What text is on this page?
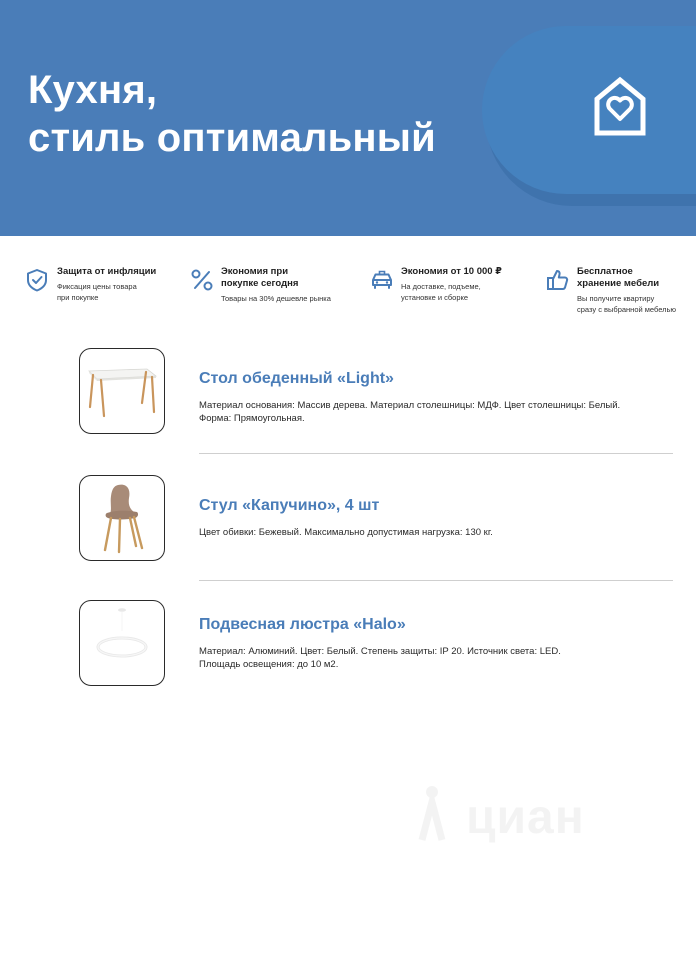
Кухня,
стиль оптимальный
Защита от инфляции
Фиксация цены товара
при покупке
Экономия при
покупке сегодня
Товары на 30% дешевле рынка
Экономия от 10 000 ₽
На доставке, подъеме,
установке и сборке
Бесплатное
хранение мебели
Вы получите квартиру
сразу с выбранной мебелью
Стол обеденный «Light»
Материал основания: Массив дерева. Материал столешницы: МДФ. Цвет столешницы: Белый.
Форма: Прямоугольная.
Стул «Капучино», 4 шт
Цвет обивки: Бежевый. Максимально допустимая нагрузка: 130 кг.
Подвесная люстра «Halo»
Материал: Алюминий. Цвет: Белый. Степень защиты: IP 20. Источник света: LED.
Площадь освещения: до 10 м2.
циан
